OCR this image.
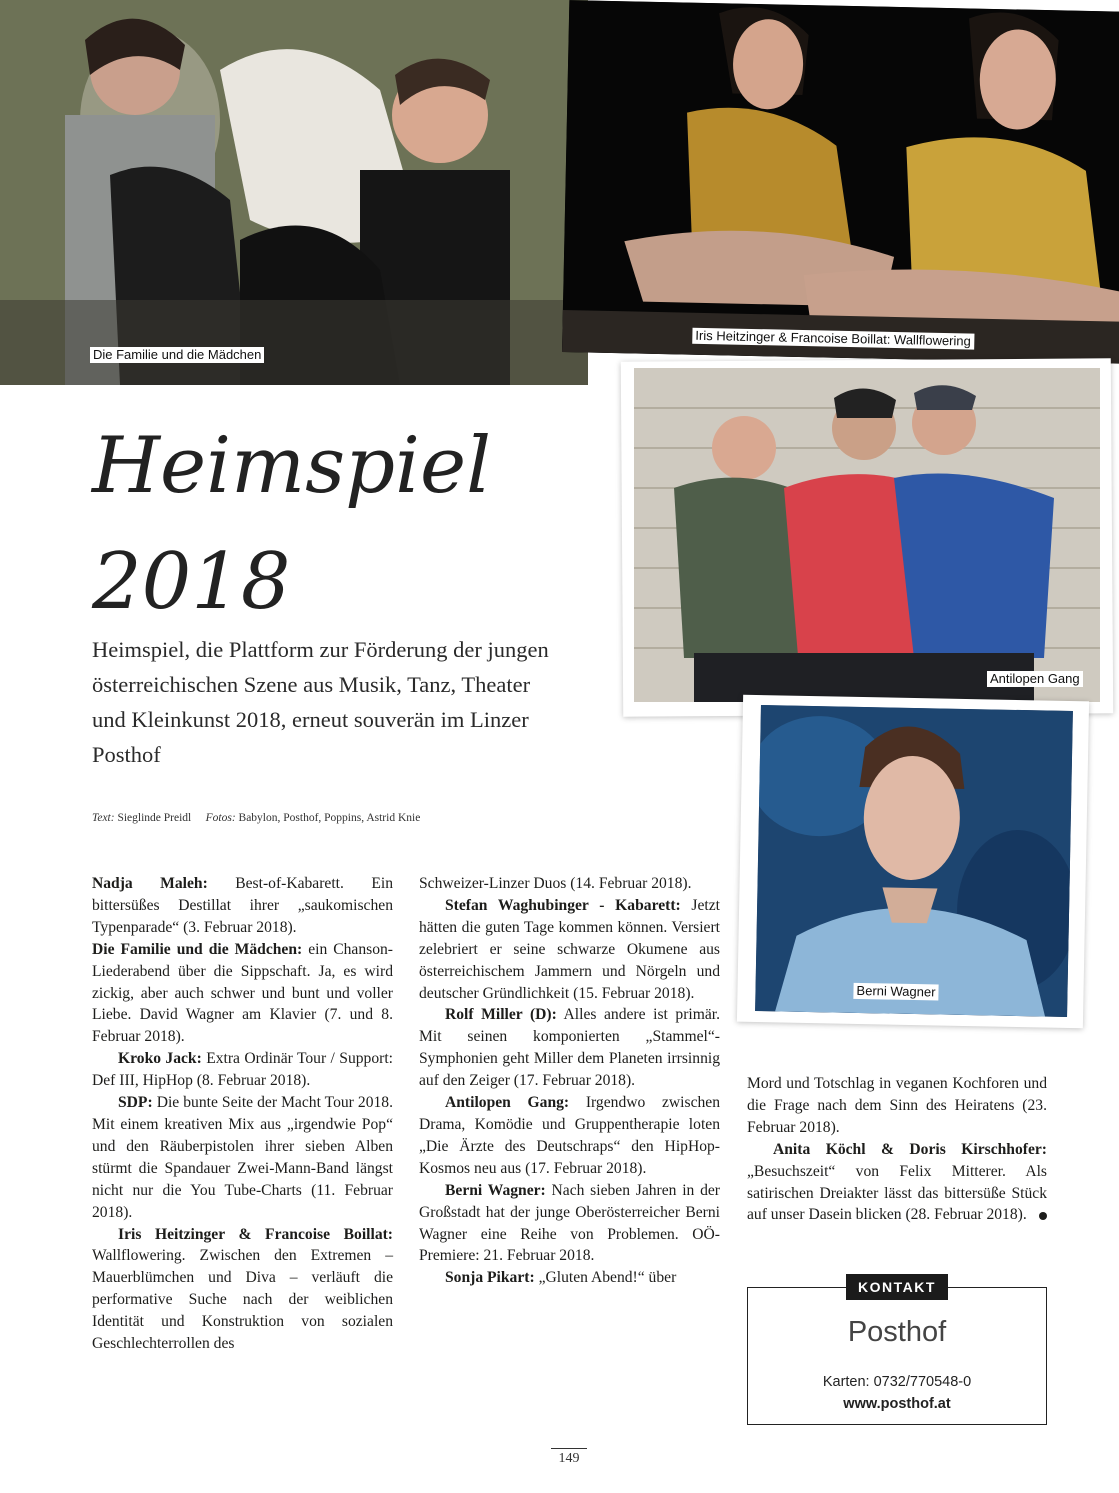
Die Familie und die Mädchen
Iris Heitzinger & Francoise Boillat: Wallflowering
Antilopen Gang
Berni Wagner
Heimspiel
2018
Heimspiel, die Plattform zur Förderung der jungen österreichischen Szene aus Musik, Tanz, Theater und Kleinkunst 2018, erneut souverän im Linzer Posthof
Text: Sieglinde Preidl Fotos: Babylon, Posthof, Poppins, Astrid Knie

Nadja Maleh: Best-of-Kabarett. Ein bittersüßes Destillat ihrer „saukomischen Typenparade“ (3. Februar 2018).

Die Familie und die Mädchen: ein Chanson-Liederabend über die Sippschaft. Ja, es wird zickig, aber auch schwer und bunt und voller Liebe. David Wagner am Klavier (7. und 8. Februar 2018).

Kroko Jack: Extra Ordinär Tour / Support: Def III, HipHop (8. Februar 2018).

SDP: Die bunte Seite der Macht Tour 2018. Mit einem kreativen Mix aus „irgendwie Pop“ und den Räuberpistolen ihrer sieben Alben stürmt die Spandauer Zwei-Mann-Band längst nicht nur die You Tube-Charts (11. Februar 2018).

Iris Heitzinger & Francoise Boillat: Wallflowering. Zwischen den Extremen – Mauerblümchen und Diva – verläuft die performative Suche nach der weiblichen Identität und Konstruktion von sozialen Geschlechterrollen des

Schweizer-Linzer Duos (14. Februar 2018).

Stefan Waghubinger - Kabarett: Jetzt hätten die guten Tage kommen können. Versiert zelebriert er seine schwarze Okumene aus österreichischem Jammern und Nörgeln und deutscher Gründlichkeit (15. Februar 2018).

Rolf Miller (D): Alles andere ist primär. Mit seinen komponierten „Stammel“-Symphonien geht Miller dem Planeten irrsinnig auf den Zeiger (17. Februar 2018).

Antilopen Gang: Irgendwo zwischen Drama, Komödie und Gruppentherapie loten „Die Ärzte des Deutschraps“ den HipHop-Kosmos neu aus (17. Februar 2018).

Berni Wagner: Nach sieben Jahren in der Großstadt hat der junge Oberösterreicher Berni Wagner eine Reihe von Problemen. OÖ-Premiere: 21. Februar 2018.

Sonja Pikart: „Gluten Abend!“ über

Mord und Totschlag in veganen Kochforen und die Frage nach dem Sinn des Heiratens (23. Februar 2018).

Anita Köchl & Doris Kirschhofer: „Besuchszeit“ von Felix Mitterer. Als satirischen Dreiakter lässt das bittersüße Stück auf unser Dasein blicken (28. Februar 2018).

Posthof
Karten: 0732/770548-0
www.posthof.at
KONTAKT
149
